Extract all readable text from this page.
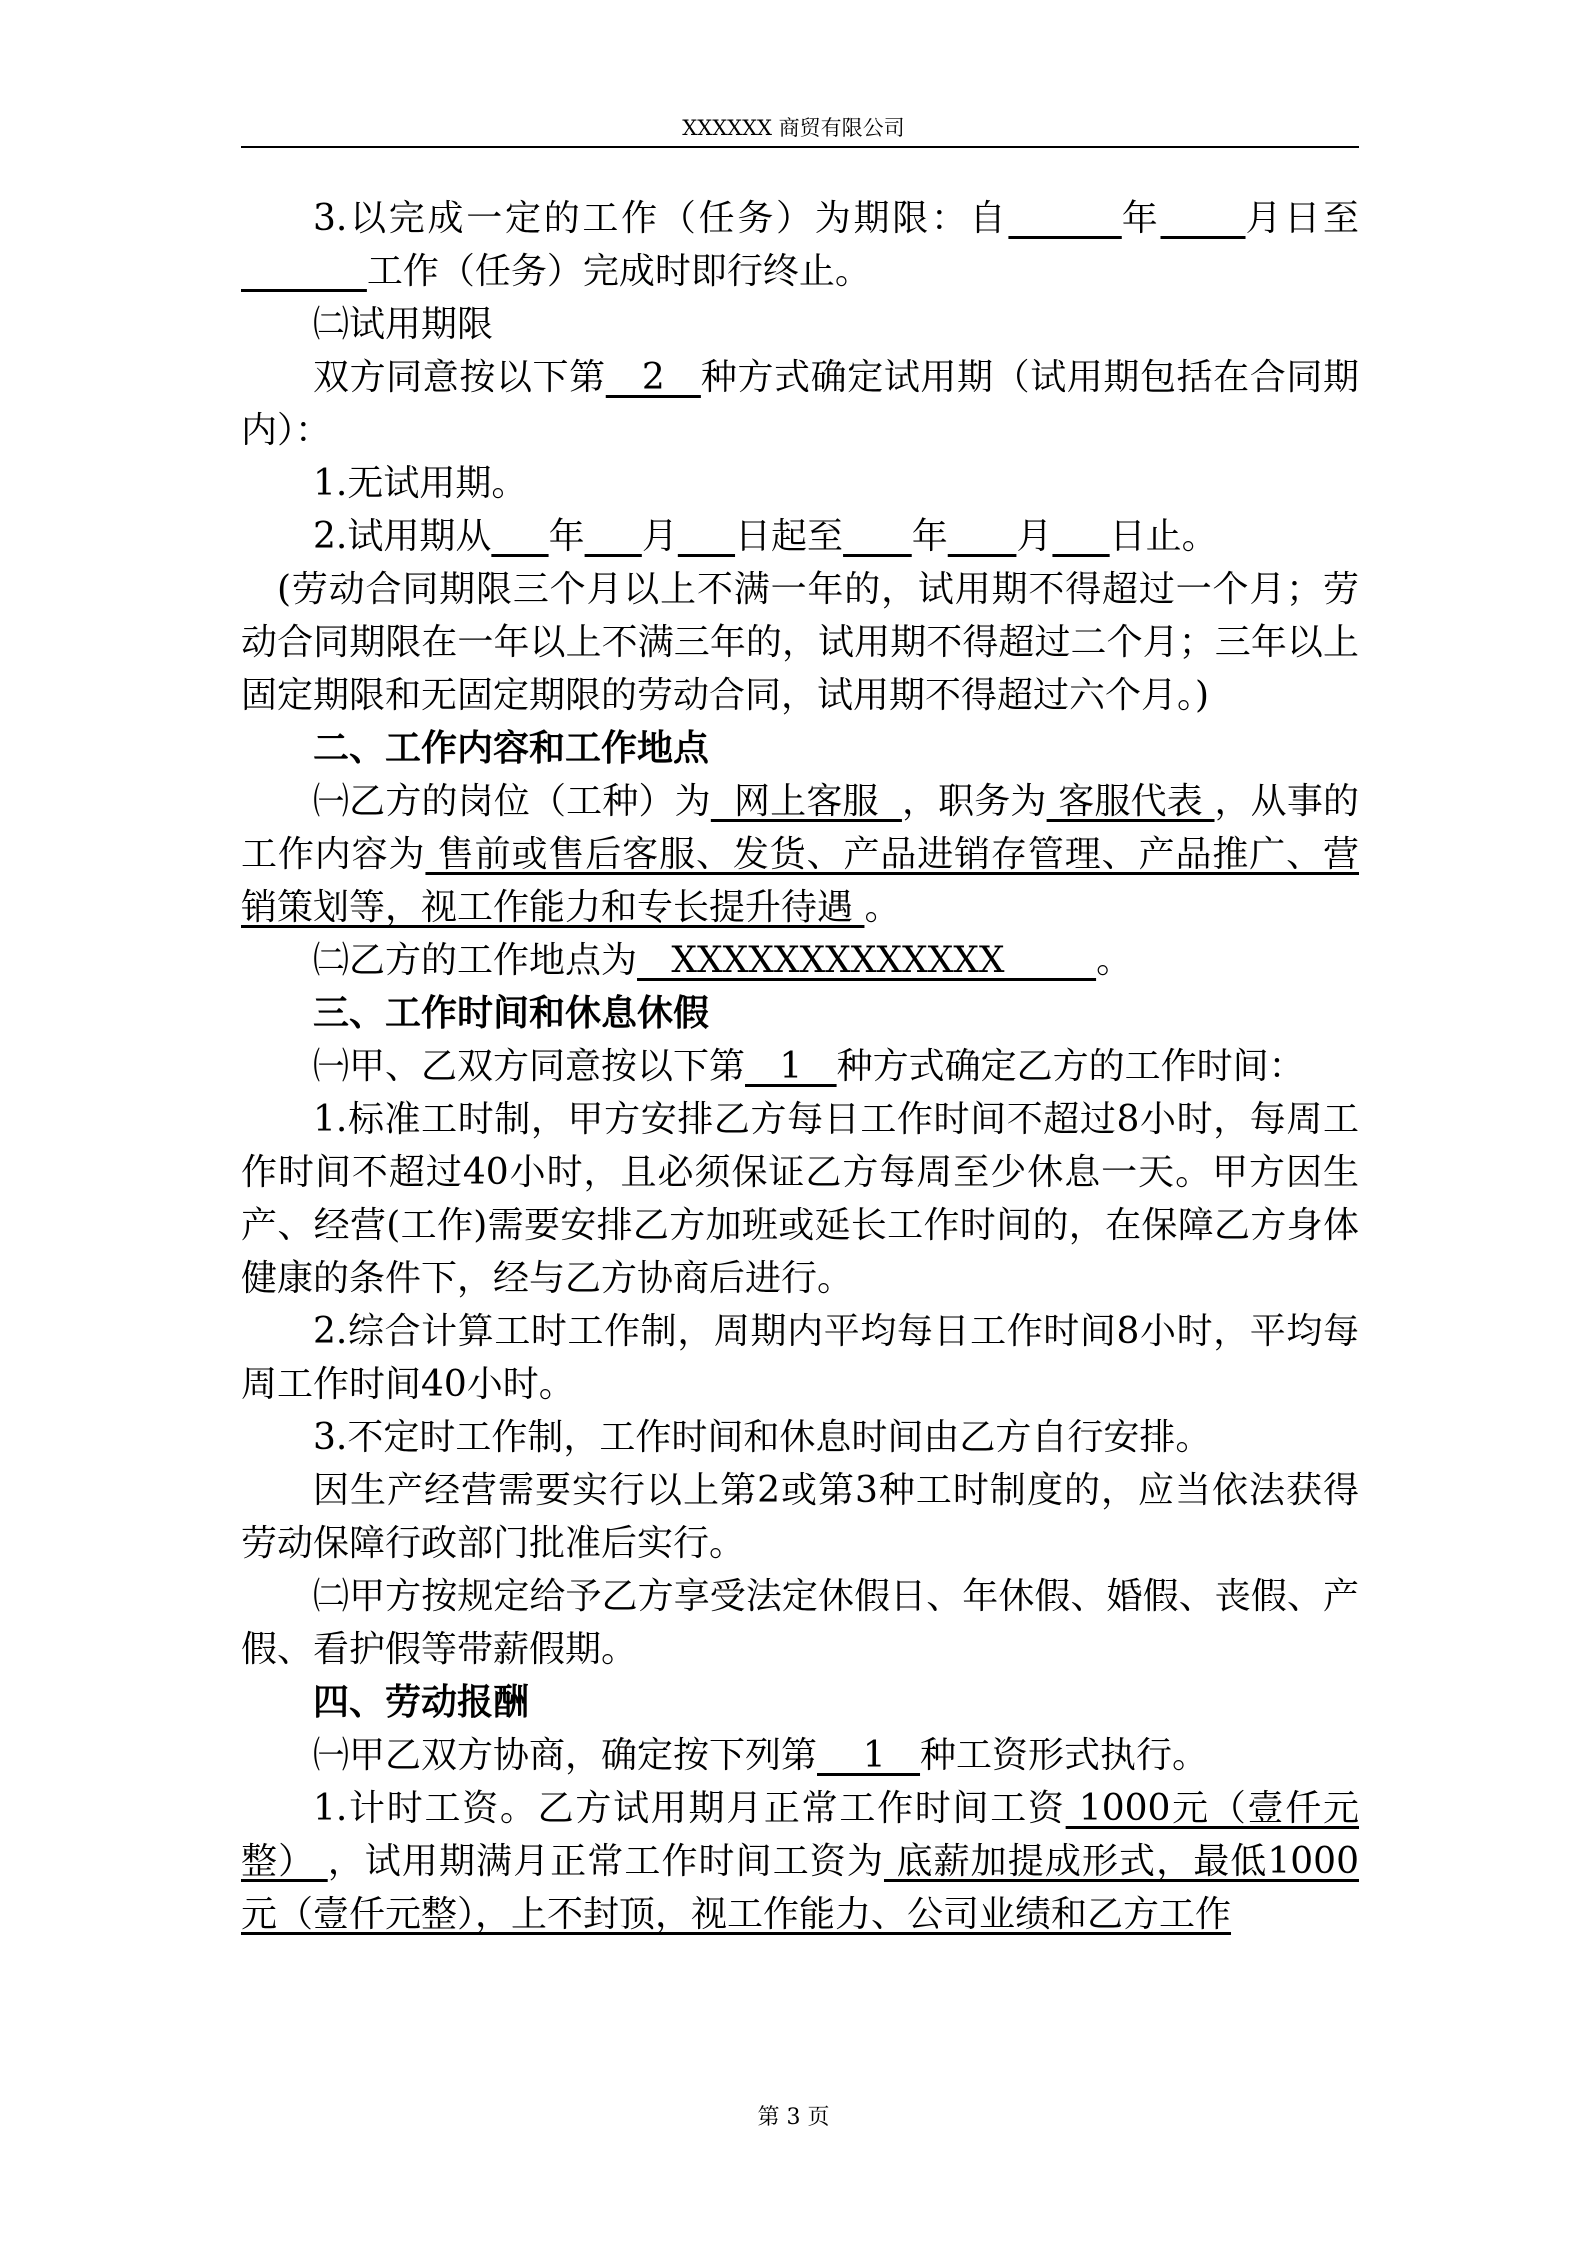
XXXXXX 商贸有限公司

3.以完成一定的工作（任务）为期限：自	年 月日至           工作（任务）完成时即行终止。

㈡试用期限

双方同意按以下第   2   种方式确定试用期（试用期包括在合同期内）：

1.无试用期。

2.试用期从 年 月 日起至 年 月 日止。

(劳动合同期限三个月以上不满一年的，试用期不得超过一个月；劳动合同期限在一年以上不满三年的，试用期不得超过二个月；三年以上固定期限和无固定期限的劳动合同，试用期不得超过六个月。)

二、工作内容和工作地点

㈠乙方的岗位（工种）为  网上客服  ，职务为 客服代表 ，从事的工作内容为 售前或售后客服、发货、产品进销存管理、产品推广、营销策划等，视工作能力和专长提升待遇 。

㈡乙方的工作地点为   XXXXXXXXXXXXX        。

三、工作时间和休息休假

㈠甲、乙双方同意按以下第   1   种方式确定乙方的工作时间：

1.标准工时制，甲方安排乙方每日工作时间不超过8小时，每周工作时间不超过40小时，且必须保证乙方每周至少休息一天。甲方因生产、经营(工作)需要安排乙方加班或延长工作时间的，在保障乙方身体健康的条件下，经与乙方协商后进行。

2.综合计算工时工作制，周期内平均每日工作时间8小时，平均每周工作时间40小时。

3.不定时工作制，工作时间和休息时间由乙方自行安排。

因生产经营需要实行以上第2或第3种工时制度的，应当依法获得劳动保障行政部门批准后实行。

㈡甲方按规定给予乙方享受法定休假日、年休假、婚假、丧假、产假、看护假等带薪假期。

四、劳动报酬

㈠甲乙双方协商，确定按下列第    1   种工资形式执行。

1.计时工资。乙方试用期月正常工作时间工资 1000元（壹仟元整） ，试用期满月正常工作时间工资为 底薪加提成形式，最低1000元（壹仟元整），上不封顶，视工作能力、公司业绩和乙方工作

第 3 页
